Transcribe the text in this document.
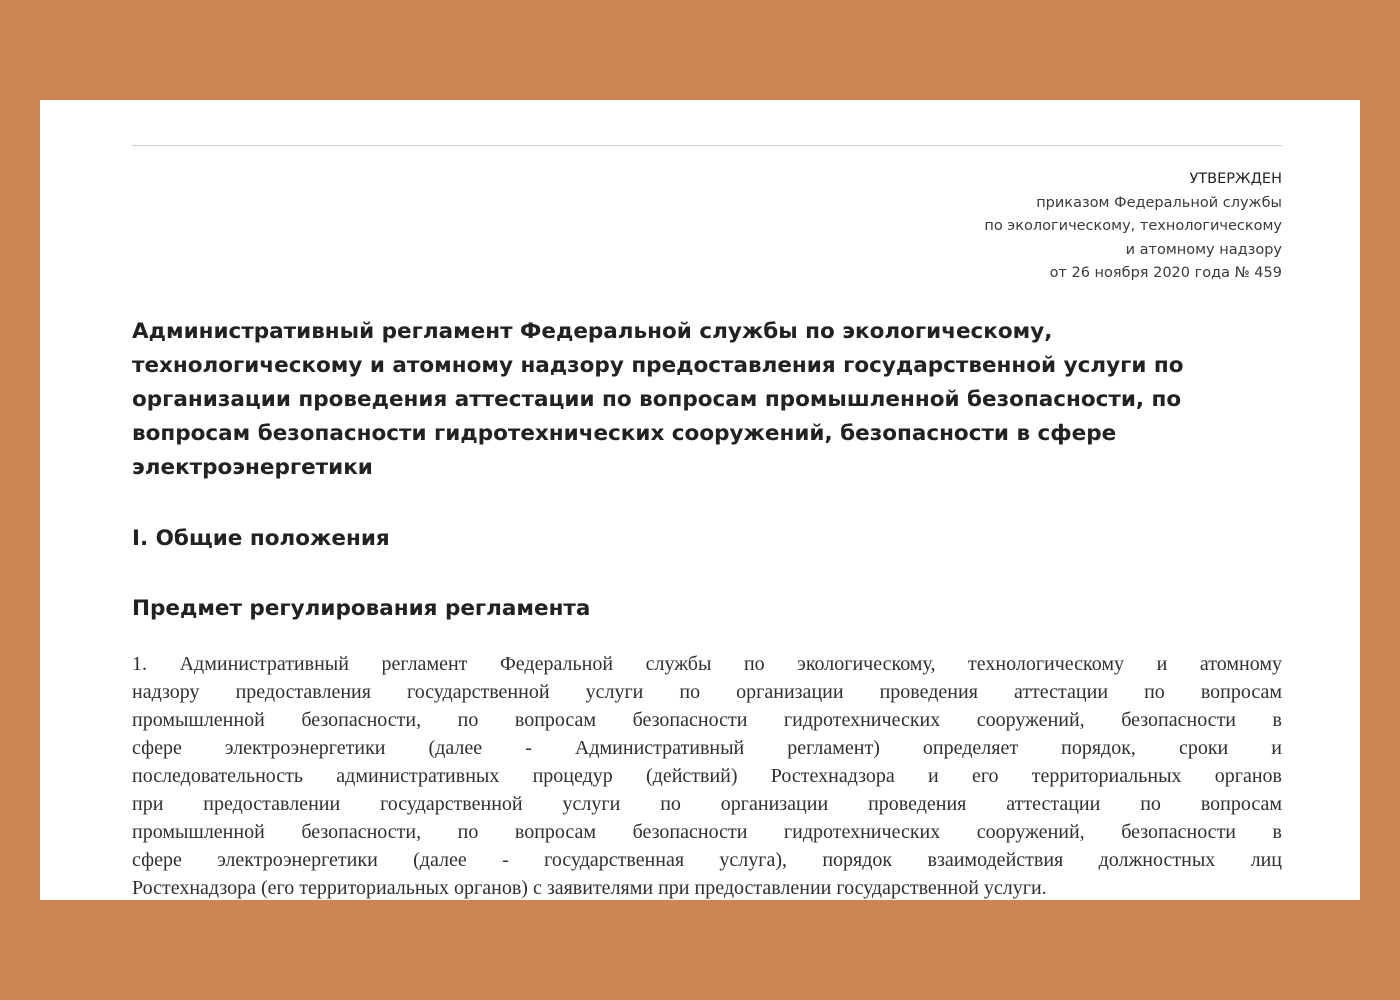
УТВЕРЖДЕН
приказом Федеральной службы
по экологическому, технологическому
и атомному надзору
от 26 ноября 2020 года № 459
Административный регламент Федеральной службы по экологическому,
технологическому и атомному надзору предоставления государственной услуги по
организации проведения аттестации по вопросам промышленной безопасности, по
вопросам безопасности гидротехнических сооружений, безопасности в сфере
электроэнергетики
I. Общие положения
Предмет регулирования регламента
1. Административный регламент Федеральной службы по экологическому, технологическому и атомному
надзору предоставления государственной услуги по организации проведения аттестации по вопросам
промышленной безопасности, по вопросам безопасности гидротехнических сооружений, безопасности в
сфере электроэнергетики (далее - Административный регламент) определяет порядок, сроки и
последовательность административных процедур (действий) Ростехнадзора и его территориальных органов
при предоставлении государственной услуги по организации проведения аттестации по вопросам
промышленной безопасности, по вопросам безопасности гидротехнических сооружений, безопасности в
сфере электроэнергетики (далее - государственная услуга), порядок взаимодействия должностных лиц
Ростехнадзора (его территориальных органов) с заявителями при предоставлении государственной услуги.
